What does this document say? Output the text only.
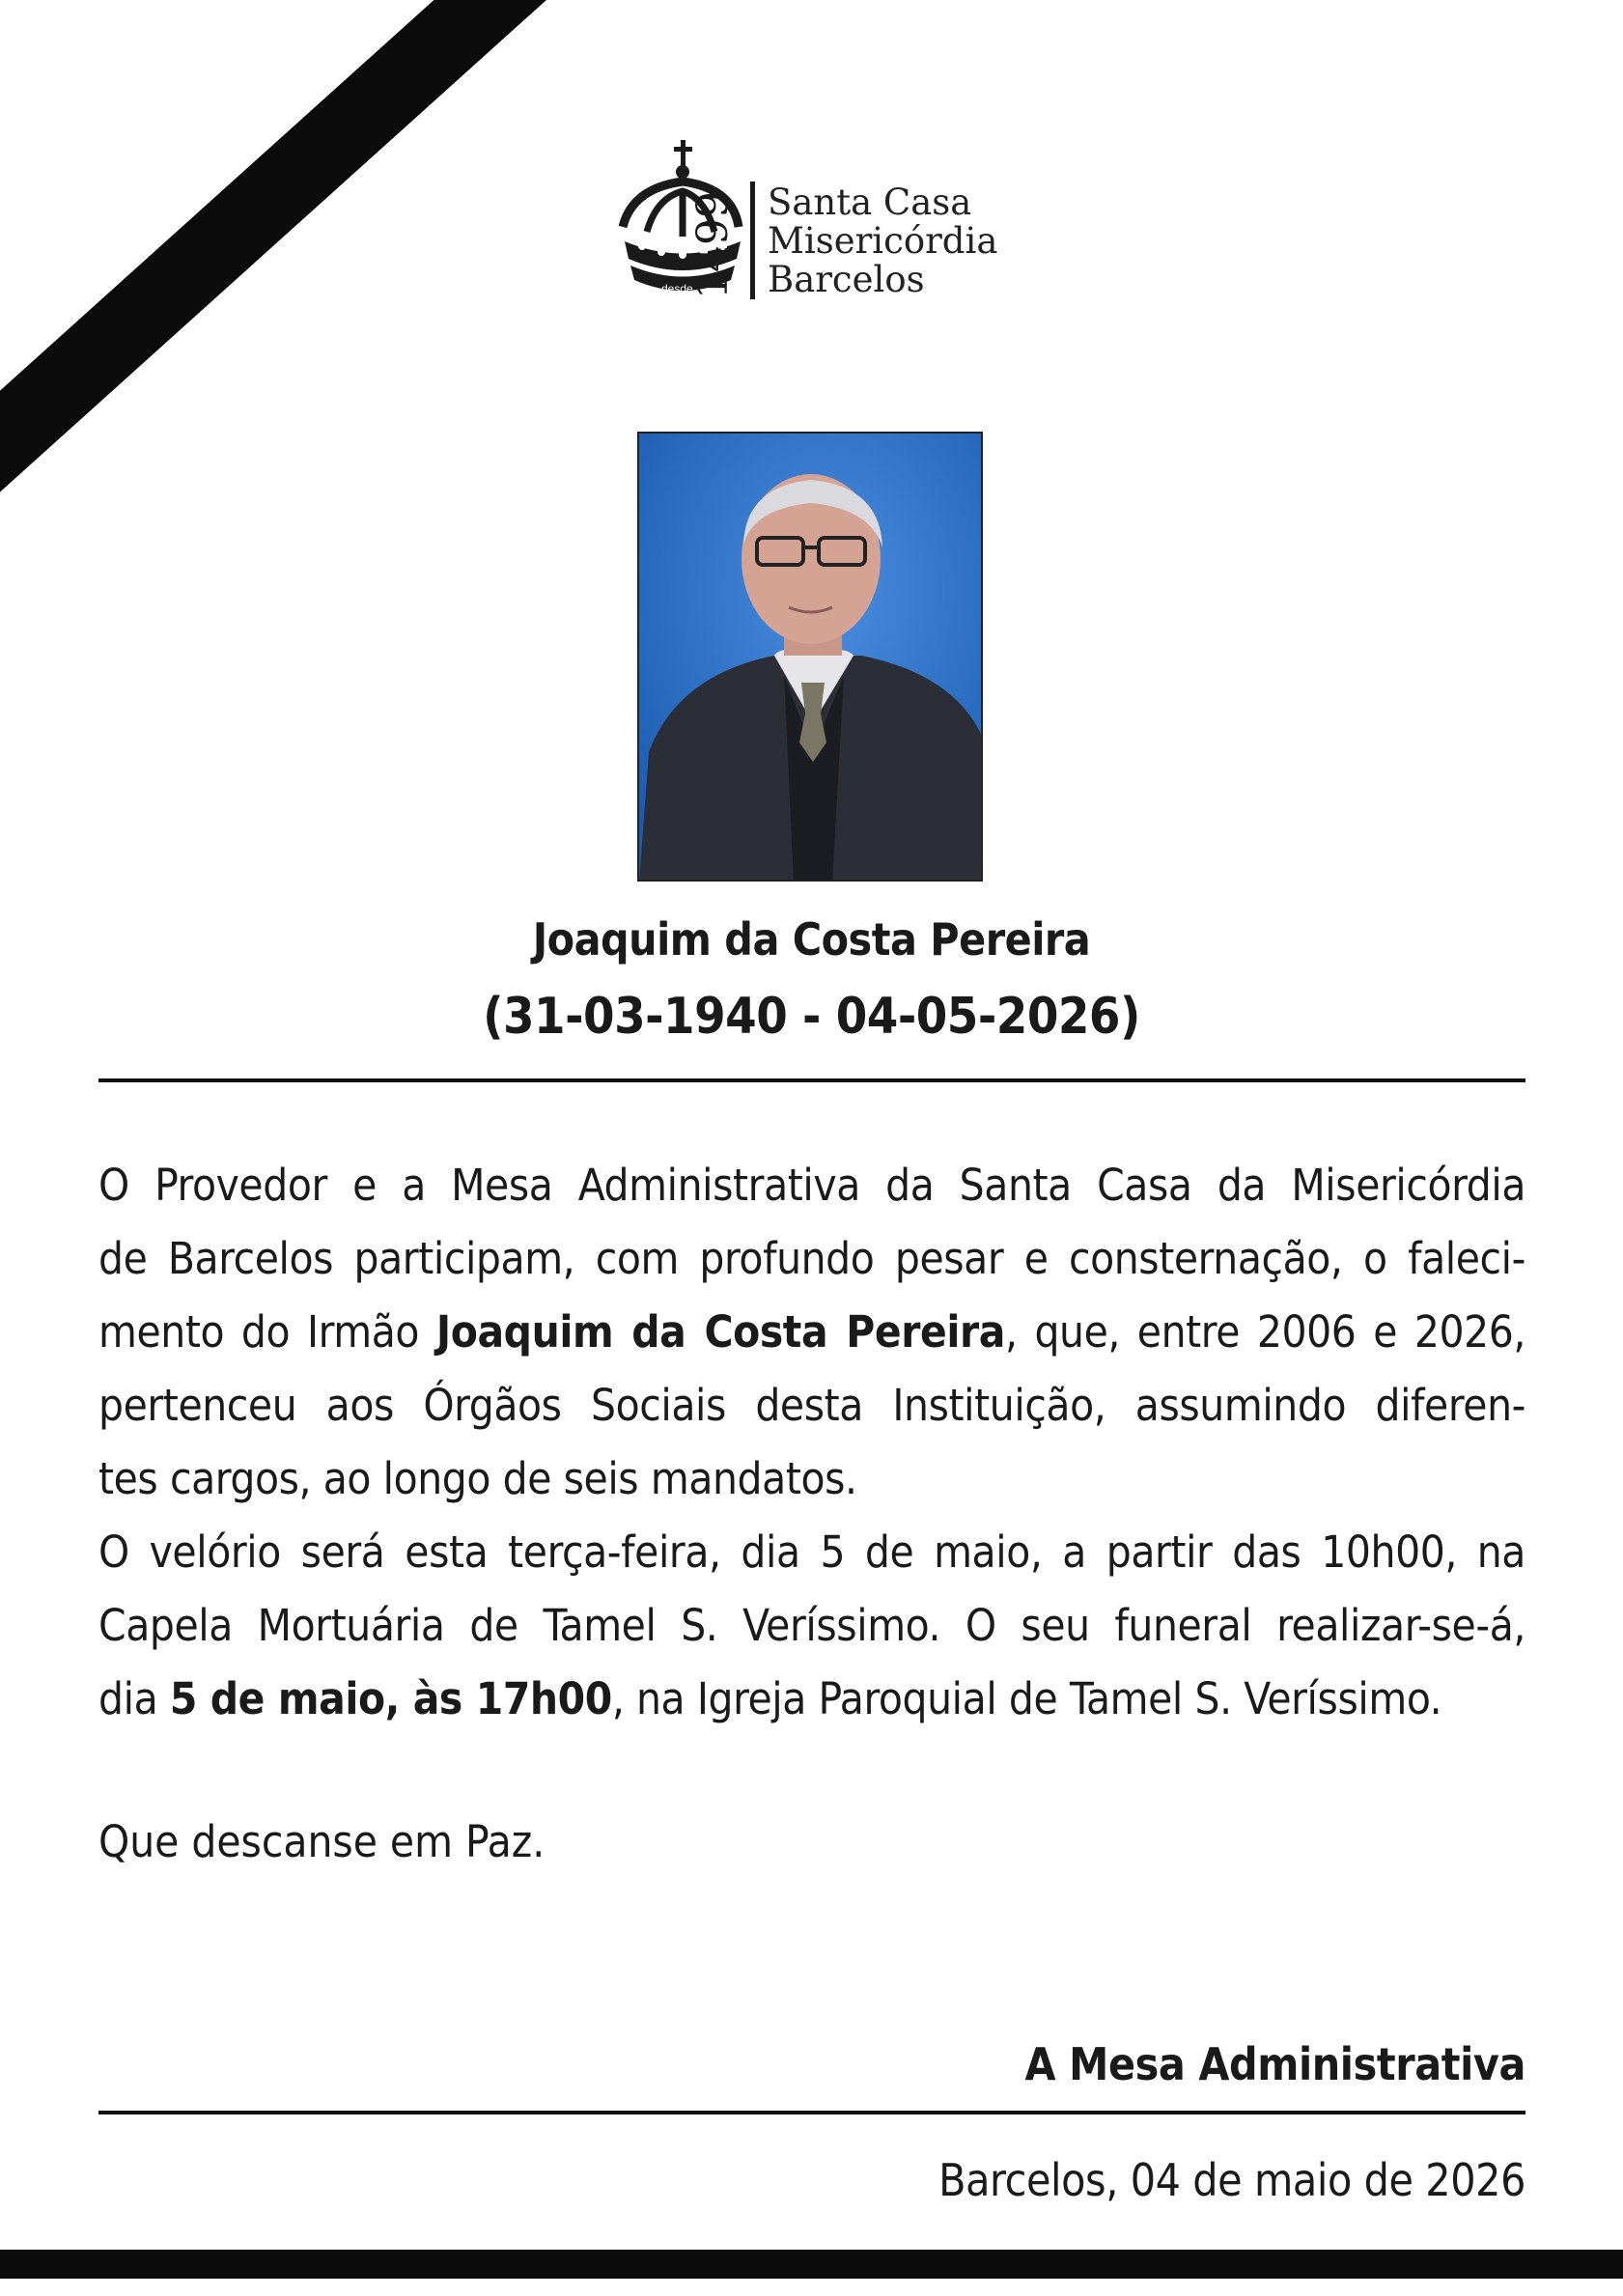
desde
1499 Santa Casa
Misericórdia
Barcelos
Joaquim da Costa Pereira
(31-03-1940 - 04-05-2026)
O Provedor e a Mesa Administrativa da Santa Casa da Misericórdia
de Barcelos participam, com profundo pesar e consternação, o faleci-
mento do Irmão Joaquim da Costa Pereira, que, entre 2006 e 2026,
pertenceu aos Órgãos Sociais desta Instituição, assumindo diferen-
tes cargos, ao longo de seis mandatos.
O velório será esta terça-feira, dia 5 de maio, a partir das 10h00, na
Capela Mortuária de Tamel S. Veríssimo. O seu funeral realizar-se-á,
dia 5 de maio, às 17h00, na Igreja Paroquial de Tamel S. Veríssimo.
Que descanse em Paz.
A Mesa Administrativa
Barcelos, 04 de maio de 2026
